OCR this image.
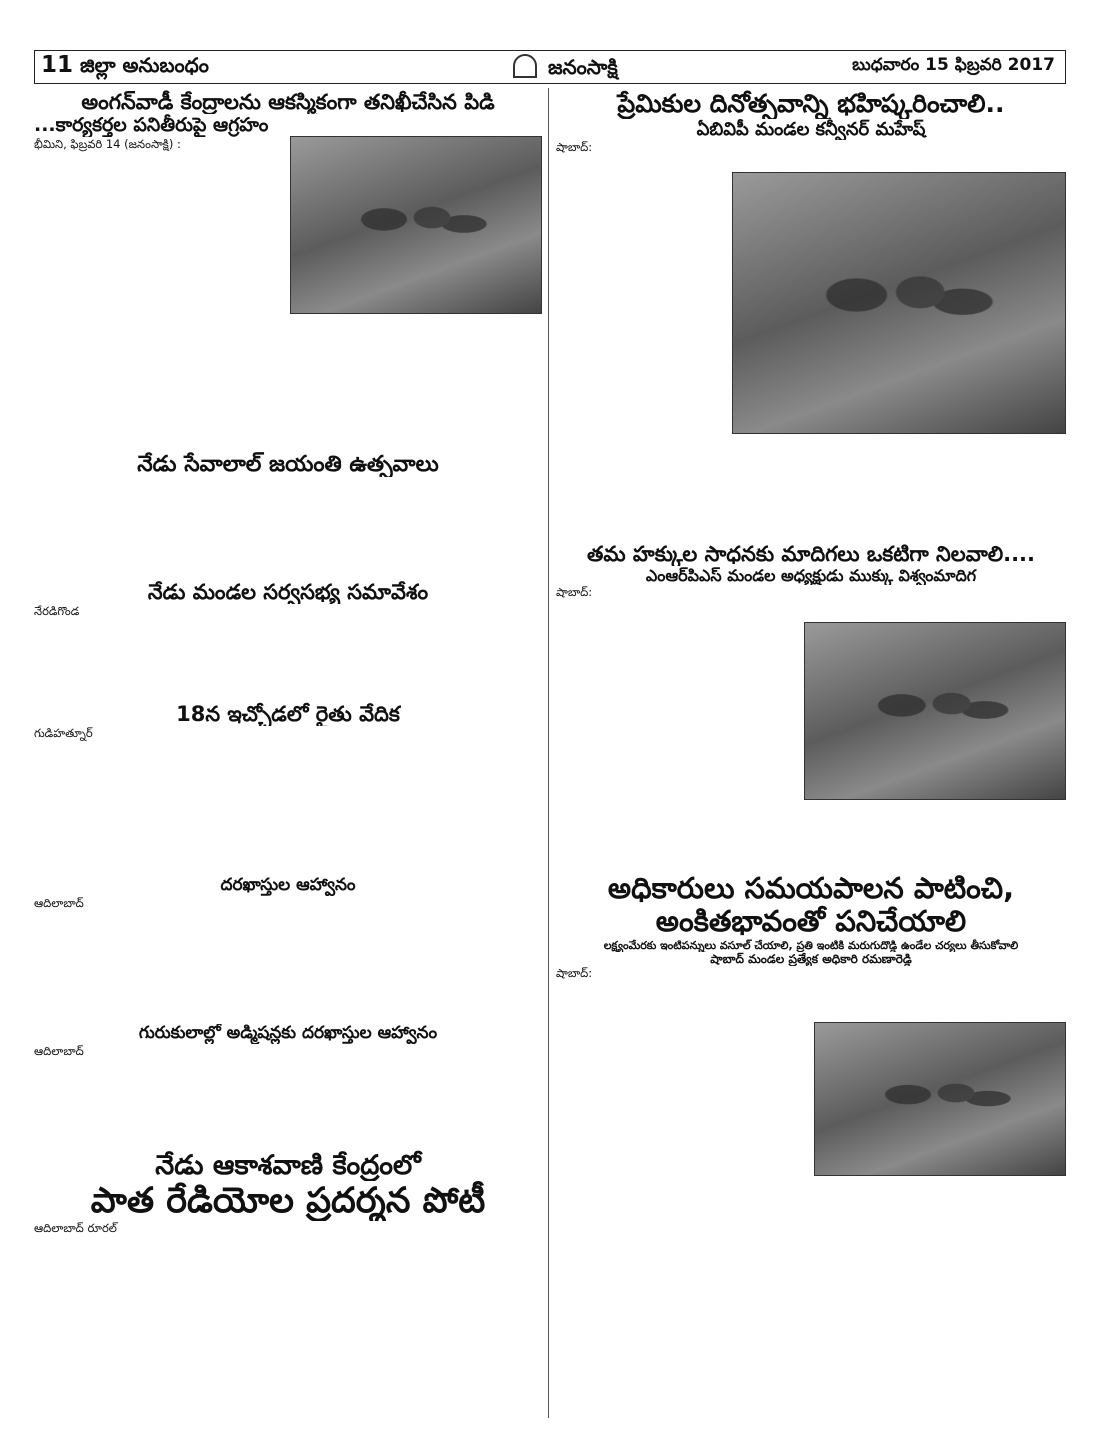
11 జిల్లా అనుబంధం	జనంసాక్షి	బుధవారం 15 ఫిబ్రవరి 2017
అంగన్‌వాడీ కేంద్రాలను ఆకస్మికంగా తనిఖీచేసిన పిడి
...కార్యకర్తల పనితీరుపై ఆగ్రహం
భీమిని, ఫిబ్రవరి 14 (జనంసాక్షి) :
నేడు సేవాలాల్‌ జయంతి ఉత్సవాలు
నేడు మండల సర్వసభ్య సమావేశం
నేరడిగొండ
18న ఇచ్చోడలో రైతు వేదిక
గుడిహత్నూర్‌
దరఖాస్తుల ఆహ్వానం
ఆదిలాబాద్‌
గురుకులాల్లో అడ్మిషన్లకు దరఖాస్తుల ఆహ్వానం
ఆదిలాబాద్‌
నేడు ఆకాశవాణి కేంద్రంలో
పాత రేడియోల ప్రదర్శన పోటీ
ఆదిలాబాద్‌ రూరల్‌
ప్రేమికుల దినోత్సవాన్ని భహిష్కరించాలి..
ఏబివిపీ మండల కన్వీనర్‌ మహేష్‌
షాబాద్‌:
తమ హక్కుల సాధనకు మాదిగలు ఒకటిగా నిలవాలి....
ఎంఆర్‌పిఎస్‌ మండల అధ్యక్షుడు ముక్కు విశ్వంమాదిగ
షాబాద్‌:
అధికారులు సమయపాలన పాటించి,
అంకితభావంతో పనిచేయాలి
లక్ష్యంమేరకు ఇంటిపన్నులు వసూల్‌ చేయాలి, ప్రతి ఇంటికి మరుగుదొడ్డి ఉండేల చర్యలు తీసుకోవాలి
షాబాద్‌ మండల ప్రత్యేక అధికారి రమణారెడ్డి
షాబాద్‌:
